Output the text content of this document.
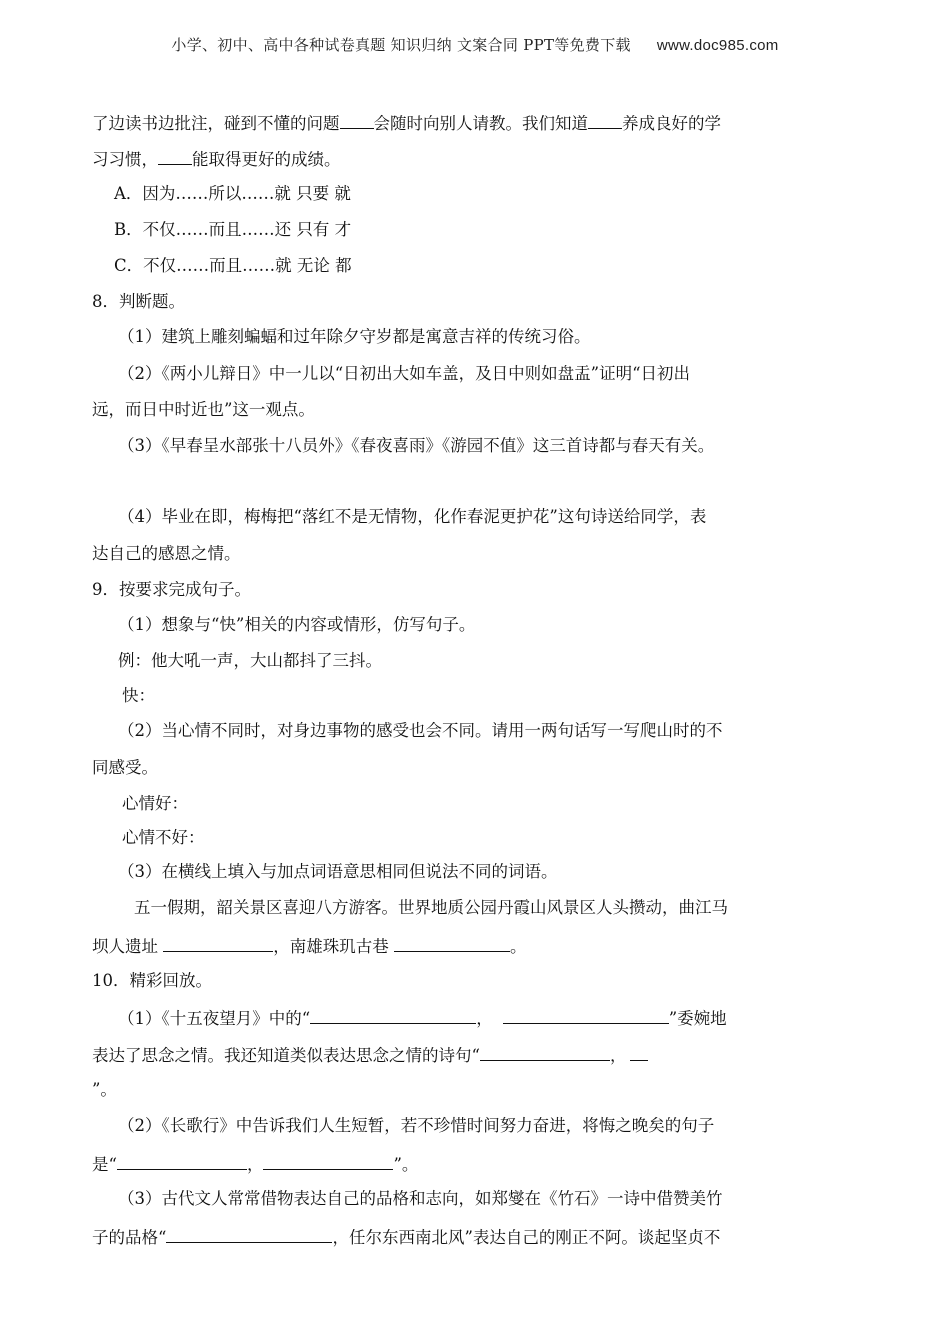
小学、初中、高中各种试卷真题 知识归纳 文案合同 PPT等免费下载 www.doc985.com
了边读书边批注，碰到不懂的问题 会随时向别人请教。我们知道 养成良好的学
习习惯， 能取得更好的成绩。
A．因为……所以……就 只要 就
B．不仅……而且……还 只有 才
C．不仅……而且……就 无论 都
8．判断题。
（1）建筑上雕刻蝙蝠和过年除夕守岁都是寓意吉祥的传统习俗。
（2）《两小儿辩日》中一儿以“日初出大如车盖，及日中则如盘盂”证明“日初出
远，而日中时近也”这一观点。
（3）《早春呈水部张十八员外》《春夜喜雨》《游园不值》这三首诗都与春天有关。
（4）毕业在即，梅梅把“落红不是无情物，化作春泥更护花”这句诗送给同学，表
达自己的感恩之情。
9．按要求完成句子。
（1）想象与“快”相关的内容或情形，仿写句子。
例：他大吼一声，大山都抖了三抖。
快：
（2）当心情不同时，对身边事物的感受也会不同。请用一两句话写一写爬山时的不
同感受。
心情好：
心情不好：
（3）在横线上填入与加点词语意思相同但说法不同的词语。
五一假期，韶关景区喜迎八方游客。世界地质公园丹霞山风景区人头攒动，曲江马
坝人遗址	，南雄珠玑古巷	。
10．精彩回放。
（1）《十五夜望月》中的“	，	”委婉地
表达了思念之情。我还知道类似表达思念之情的诗句“	，
”。
（2）《长歌行》中告诉我们人生短暂，若不珍惜时间努力奋进，将悔之晚矣的句子
是“	，	”。
（3）古代文人常常借物表达自己的品格和志向，如郑燮在《竹石》一诗中借赞美竹
子的品格“	，任尔东西南北风”表达自己的刚正不阿。谈起坚贞不
